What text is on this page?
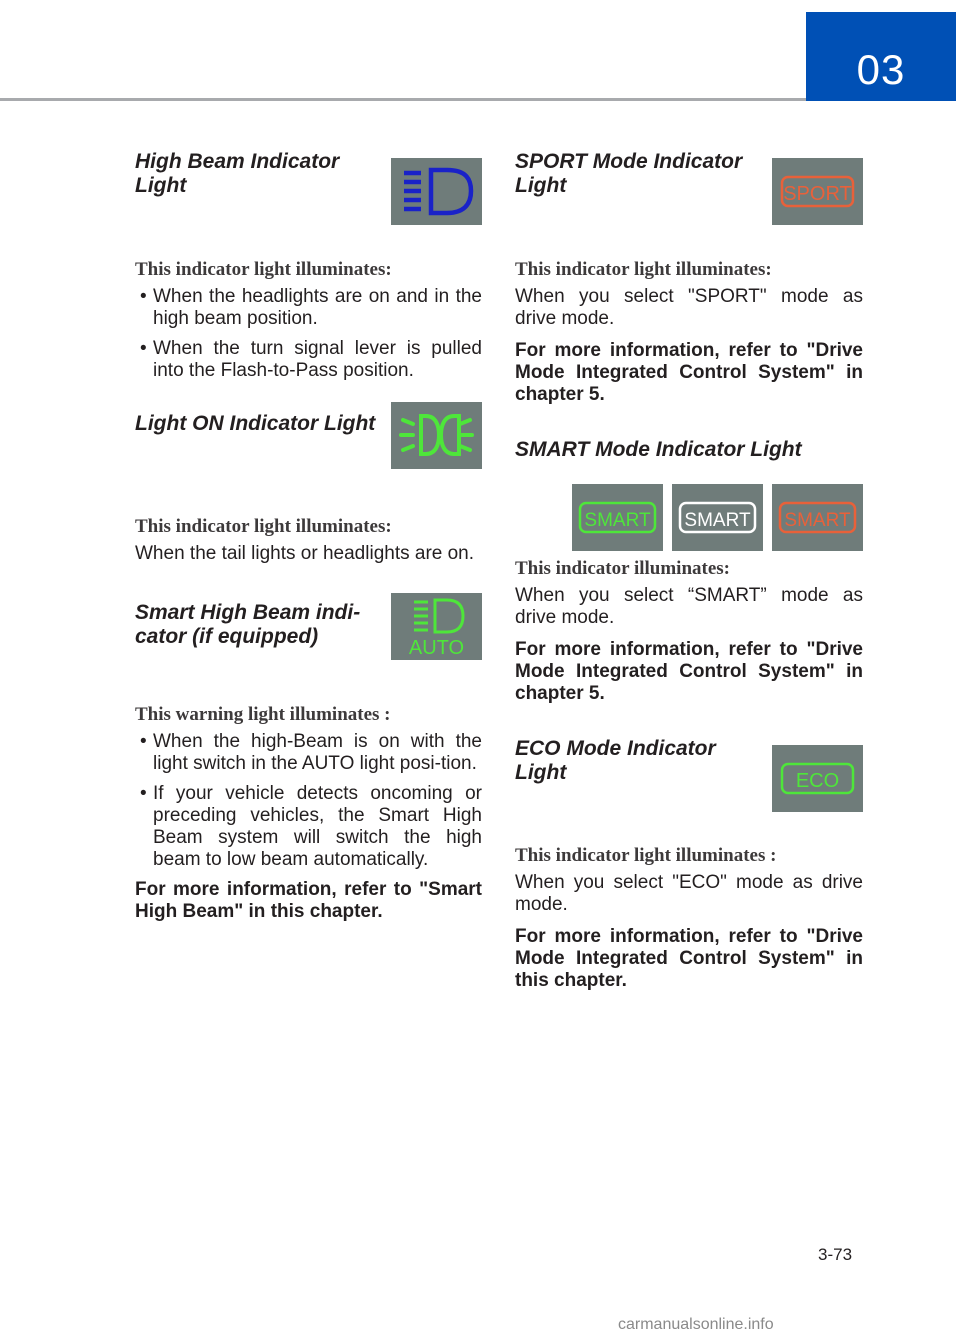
03
High Beam Indicator Light

This indicator light illuminates:

• When the headlights are on and in the high beam position.
• When the turn signal lever is pulled into the Flash-to-Pass position.
Light ON Indicator Light

This indicator light illuminates:

When the tail lights or headlights are on.

Smart High Beam indi-cator (if equipped)	AUTO

This warning light illuminates :

• When the high-Beam is on with the light switch in the AUTO light posi-tion.
• If your vehicle detects oncoming or preceding vehicles, the Smart High Beam system will switch the high beam to low beam automatically.

For more information, refer to "Smart High Beam" in this chapter.

SPORT Mode Indicator Light	SPORT

This indicator light illuminates:

When you select "SPORT" mode as drive mode.

For more information, refer to "Drive Mode Integrated Control System" in chapter 5.

SMART Mode Indicator Light
SMART SMART SMART

This indicator illuminates:

When you select “SMART” mode as drive mode.

For more information, refer to "Drive Mode Integrated Control System" in chapter 5.

ECO Mode Indicator Light	ECO

This indicator light illuminates :

When you select "ECO" mode as drive mode.

For more information, refer to "Drive Mode Integrated Control System" in this chapter.

3-73
carmanualsonline.info
